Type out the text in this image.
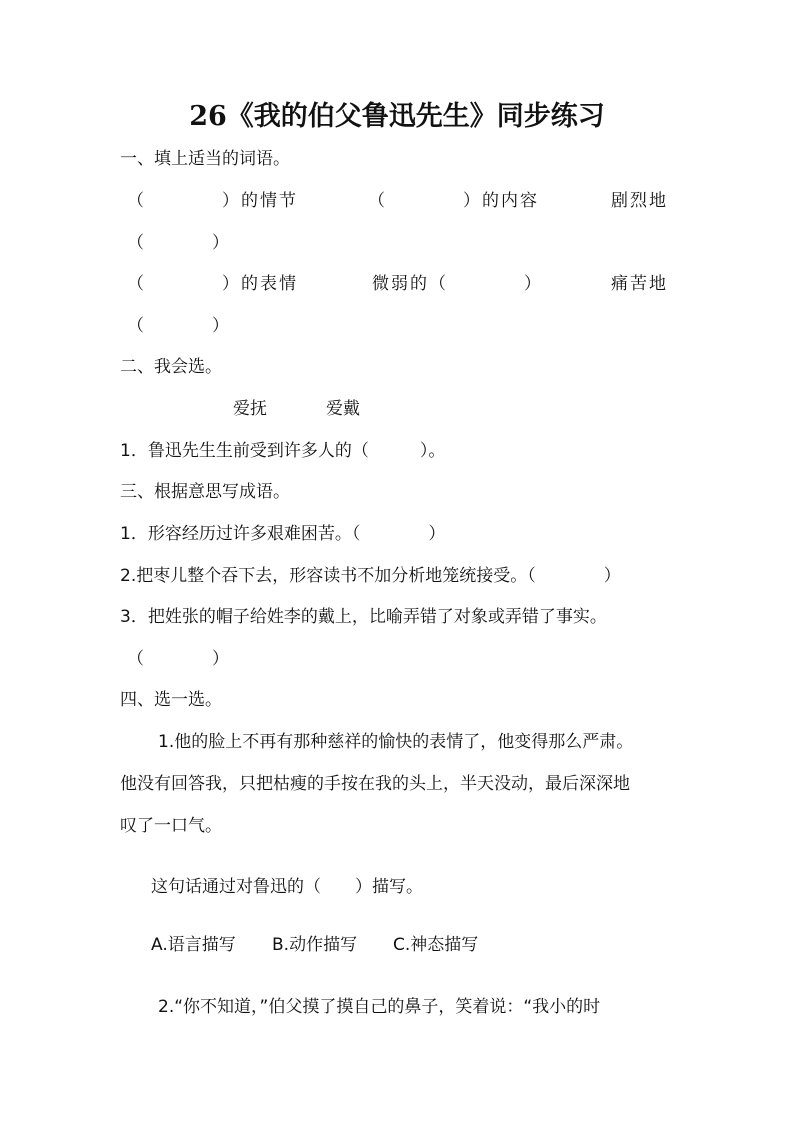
26《我的伯父鲁迅先生》同步练习
一、填上适当的词语。
（　　　　）的情节	（　　　　）的内容	剧烈地
（　　　　）
（　　　　）的表情	微弱的（　　　　）	痛苦地
（　　　　）
二、我会选。
爱抚	爱戴
1．鲁迅先生生前受到许多人的（　　　）。
三、根据意思写成语。
1．形容经历过许多艰难困苦。（　　　　）
2.把枣儿整个吞下去，形容读书不加分析地笼统接受。（　　　　）
3．把姓张的帽子给姓李的戴上，比喻弄错了对象或弄错了事实。
（　　　　）
四、选一选。
1.他的脸上不再有那种慈祥的愉快的表情了，他变得那么严肃。
他没有回答我，只把枯瘦的手按在我的头上，半天没动，最后深深地
叹了一口气。
这句话通过对鲁迅的（　　）描写。
A.语言描写 B.动作描写 C.神态描写
2.“你不知道，”伯父摸了摸自己的鼻子，笑着说：“我小的时
